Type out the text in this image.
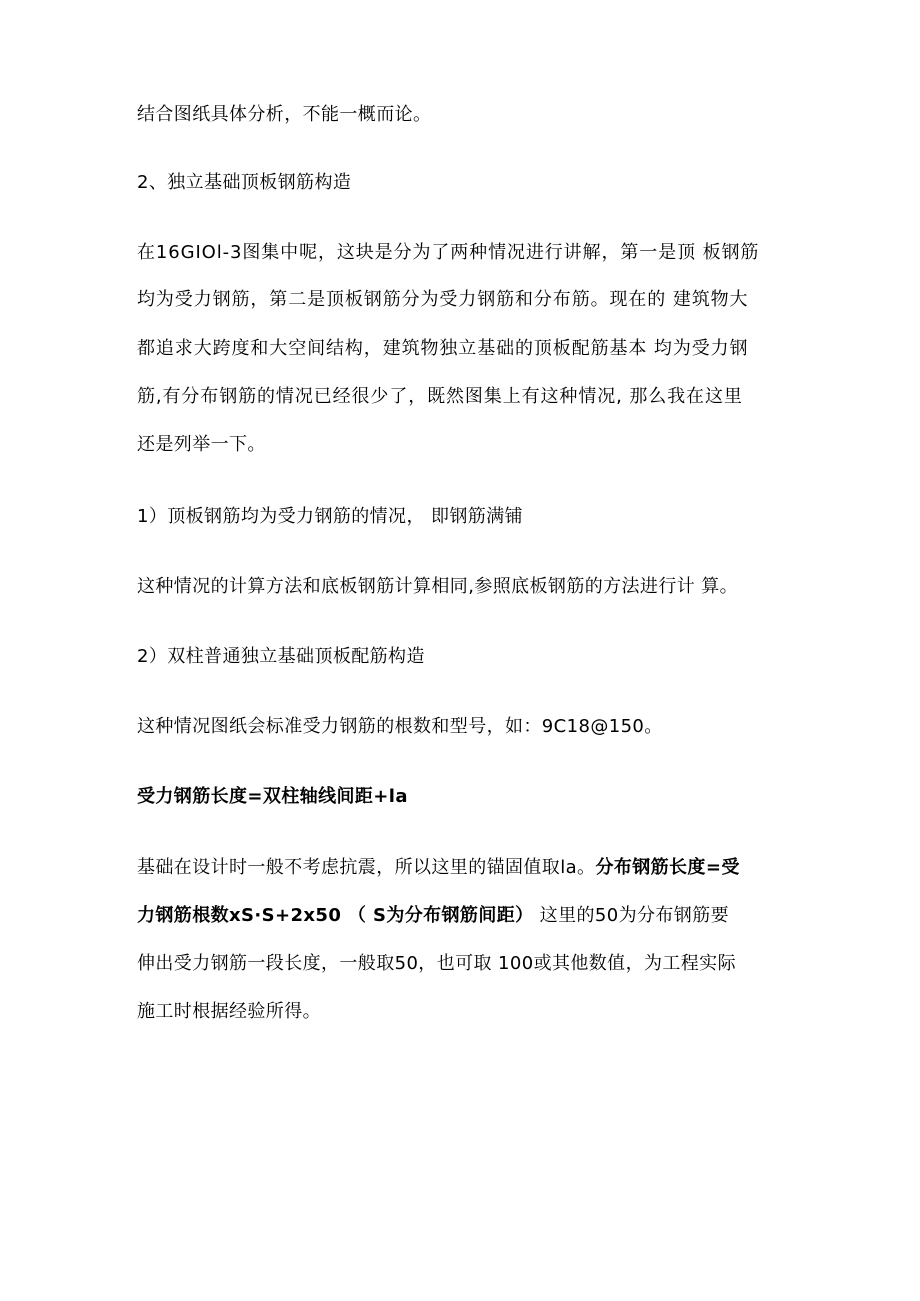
结合图纸具体分析，不能一概而论。
2、独立基础顶板钢筋构造
在16GIOl-3图集中呢，这块是分为了两种情况进行讲解，第一是顶 板钢筋
均为受力钢筋，第二是顶板钢筋分为受力钢筋和分布筋。现在的 建筑物大
都追求大跨度和大空间结构，建筑物独立基础的顶板配筋基本 均为受力钢
筋,有分布钢筋的情况已经很少了，既然图集上有这种情况, 那么我在这里
还是列举一下。
1）顶板钢筋均为受力钢筋的情况， 即钢筋满铺
这种情况的计算方法和底板钢筋计算相同,参照底板钢筋的方法进行计 算。
2）双柱普通独立基础顶板配筋构造
这种情况图纸会标准受力钢筋的根数和型号，如：9C18@150。
受力钢筋长度=双柱轴线间距+la
基础在设计时一般不考虑抗震，所以这里的锚固值取la。分布钢筋长度=受
力钢筋根数xS·S+2x50 （ S为分布钢筋间距） 这里的50为分布钢筋要
伸出受力钢筋一段长度，一般取50，也可取 100或其他数值，为工程实际
施工时根据经验所得。
